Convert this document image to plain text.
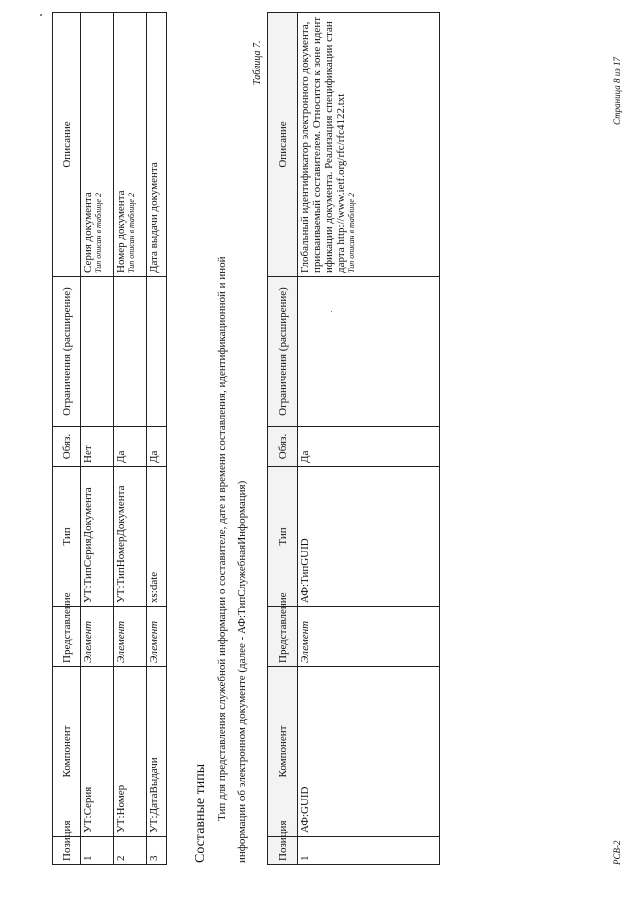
Позиция	Компонент	Представление	Тип	Обяз.	Ограничения (расширение)	Описание
1	УТ:Серия	Элемент	УТ:ТипСерияДокумента	Нет		Серия документа Тип описан в таблице 2

2	УТ:Номер	Элемент	УТ:ТипНомерДокумента	Да		Номер документа Тип описан в таблице 2

3	УТ:ДатаВыдачи	Элемент	xs:date	Да		Дата выдачи документа
Составные типы Тип для представления служебной информации о составителе, дате и времени составления, идентификационной и иной информации об электронном документе (далее - АФ:ТипСлужебнаяИнформация)
Таблица 7.
Позиция	Компонент	Представление	Тип	Обяз.	Ограничения (расширение)	Описание
1	АФ:GUID	Элемент	АФ:ТипGUID	Да		Глобальный идентификатор электронного документа, присваиваемый составителем. Относится к зоне идентификации документа. Реализация спецификации стандарта http://www.ietf.org/rfc/rfc4122.txt Тип описан в таблице 2
РСВ-2
Страница 8 из 17
